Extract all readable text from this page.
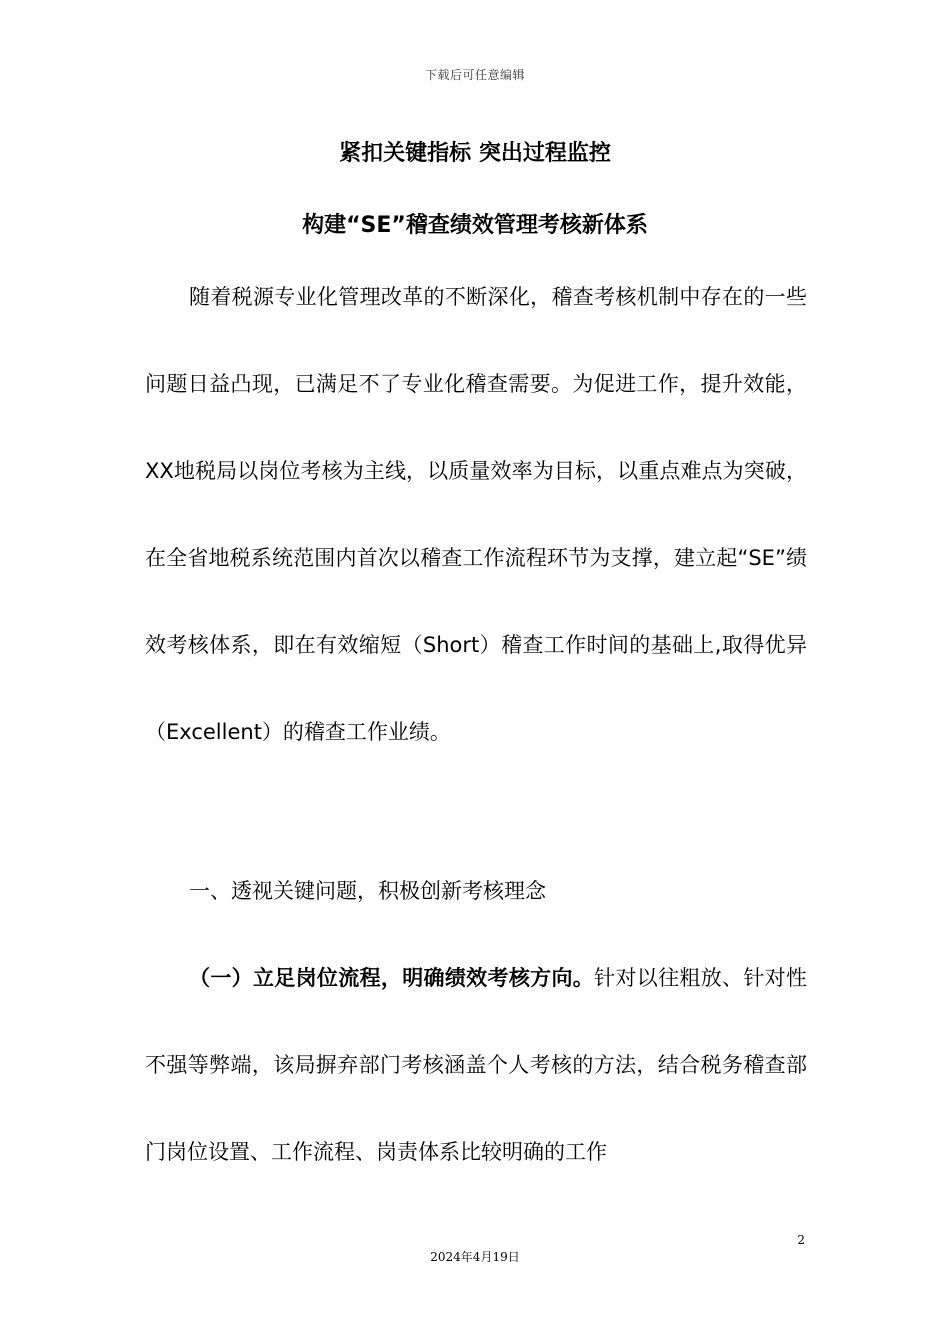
下载后可任意编辑
紧扣关键指标 突出过程监控
构建“SE”稽查绩效管理考核新体系

随着税源专业化管理改革的不断深化，稽查考核机制中存在的一些问题日益凸现，已满足不了专业化稽查需要。为促进工作，提升效能，XX地税局以岗位考核为主线，以质量效率为目标，以重点难点为突破，在全省地税系统范围内首次以稽查工作流程环节为支撑，建立起“SE”绩效考核体系，即在有效缩短（Short）稽查工作时间的基础上,取得优异（Excellent）的稽查工作业绩。

一、透视关键问题，积极创新考核理念

（一）立足岗位流程，明确绩效考核方向。针对以往粗放、针对性不强等弊端，该局摒弃部门考核涵盖个人考核的方法，结合税务稽查部门岗位设置、工作流程、岗责体系比较明确的工作

2
2024年4月19日
